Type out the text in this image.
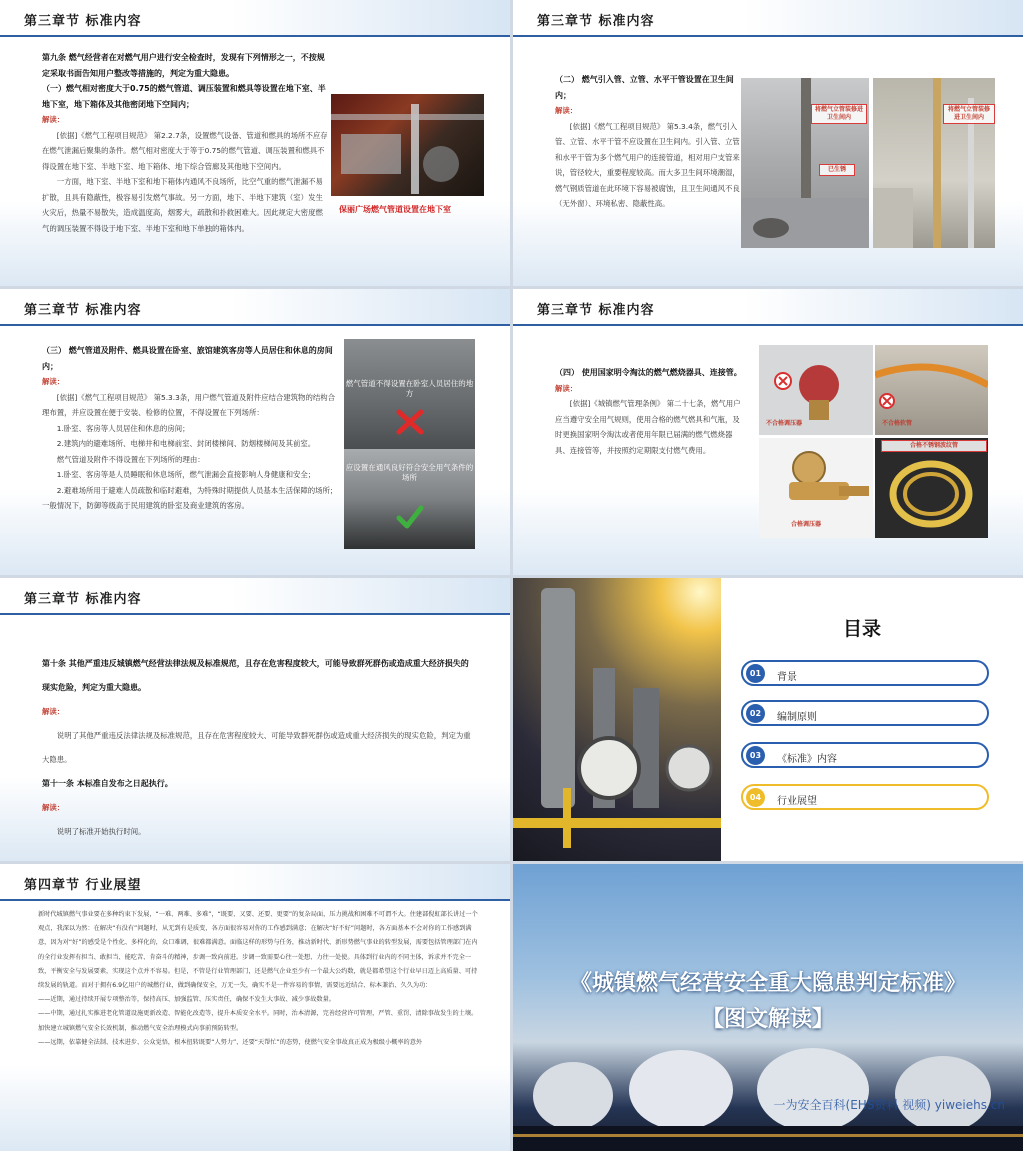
第三章节 标准内容

第九条 燃气经营者在对燃气用户进行安全检查时，发现有下列情形之一，不按规定采取书面告知用户整改等措施的，判定为重大隐患。

（一）燃气相对密度大于0.75的燃气管道、调压装置和燃具等设置在地下室、半地下室，地下箱体及其他密闭地下空间内；

解读：

[依据]《燃气工程项目规范》 第2.2.7条，设置燃气设备、管道和燃具的场所不应存在燃气泄漏后聚集的条件。燃气相对密度大于等于0.75的燃气管道、调压装置和燃具不得设置在地下室、半地下室、地下箱体、地下综合管廊及其他地下空间内。

一方面，地下室、半地下室和地下箱体内通风不良场所，比空气重的燃气泄漏不易扩散，且具有隐蔽性，极容易引发燃气事故。另一方面，地下、半地下建筑（室）发生火灾后，热量不易散失，造成温度高，烟雾大，疏散和扑救困难大。因此规定大密度燃气的调压装置不得设于地下室、半地下室和地下单独的箱体内。

保丽广场燃气管道设置在地下室
第三章节 标准内容

（二） 燃气引入管、立管、水平干管设置在卫生间内；

解读：

[依据]《燃气工程项目规范》 第5.3.4条，燃气引入管、立管、水平干管不应设置在卫生间内。引入管、立管和水平干管为多个燃气用户的连接管道，相对用户支管来说，管径较大，重要程度较高。而大多卫生间环境潮湿， 燃气钢质管道在此环境下容易被腐蚀，且卫生间通风不良（无外窗）、环境私密、隐蔽性高。

将燃气立管装修进卫生间内
已生锈
将燃气立管装修进卫生间内
第三章节 标准内容

（三） 燃气管道及附件、燃具设置在卧室、旅馆建筑客房等人员居住和休息的房间内；

解读：

[依据]《燃气工程项目规范》 第5.3.3条，用户燃气管道及附件应结合建筑物的结构合理布置，并应设置在便于安装、检修的位置，不得设置在下列场所：

1.卧室、客房等人员居住和休息的房间；

2.建筑内的避难场所、电梯井和电梯前室、封闭楼梯间、防烟楼梯间及其前室。

燃气管道及附件不得设置在下列场所的理由：

1.卧室、客房等是人员睡眠和休息场所，燃气泄漏会直接影响人身健康和安全；

2.避难场所用于避难人员疏散和临时避难，为特殊时期提供人员基本生活保障的场所；一般情况下，防御等级高于民用建筑的卧室及商业建筑的客房。

燃气管道不得设置在卧室人员居住的地方
应设置在通风良好符合安全用气条件的场所
第三章节 标准内容

（四） 使用国家明令淘汰的燃气燃烧器具、连接管。

解读：

[依据]《城镇燃气管理条例》 第二十七条，燃气用户应当遵守安全用气规则，使用合格的燃气燃具和气瓶，及时更换国家明令淘汰或者使用年限已届满的燃气燃烧器具、连接管等，并按照约定期限支付燃气费用。

不合格调压器	不合格软管
合格调压器
合格不锈钢波纹管
第三章节 标准内容

第十条 其他严重违反城镇燃气经营法律法规及标准规范，且存在危害程度较大，可能导致群死群伤或造成重大经济损失的现实危险，判定为重大隐患。

解读：

说明了其他严重违反法律法规及标准规范，且存在危害程度较大、可能导致群死群伤或造成重大经济损失的现实危险，判定为重大隐患。

第十一条 本标准自发布之日起执行。

解读：

说明了标准开始执行时间。

目录
01	背景
02	编制原则
03	《标准》内容
04	行业展望
第四章节 行业展望

新时代城镇燃气事业要在多种约束下发展，“一难、两难、多难”，“既要、又要、还要、更要”的复杂局面，压力挑战和困难不可谓不大。住建部倪虹部长讲过一个观点，我深以为然：在解决“有没有”问题时，从无到有是质变，各方面很容易对你的工作感到满意；在解决“好不好”问题时，各方面基本不会对你的工作感到满意，因为对“好”的感受是个性化、多样化的，众口难调，很难都满意。面临这样的形势与任务，推动新时代、新形势燃气事业的转型发展，需要包括管理部门在内的全行业发挥有担当、敢担当、能吃苦、肯奋斗的精神，步调一致向前进。步调一致需要心往一处想、力往一处使。具体到行业内的不同主体，诉求并不完全一致，平衡安全与发展要素，实现这个点并不容易。但是，不管是行业管理部门，还是燃气企业至少有一个最大公约数，就是都希望这个行业早日迈上高质量、可持续发展的轨道。而对于拥有6.9亿用户的城燃行业，做到确保安全，万无一失，确实不是一件容易的事情，需要远近结合、标本兼治、久久为功：

——近期，通过持续开展专项整治等，保持高压、加强监管、压实责任，确保不发生大事故、减少事故数量。

——中期，通过扎实推进老化管道设施更新改造、智能化改造等，提升本质安全水平。同时，治本清源，完善经营许可管理，严管、重罚，清除事故发生的土壤。加快建立城镇燃气安全长效机制，推动燃气安全治理模式向事前预防转型。

——远期，依靠健全法制、技术进步、公众觉悟，根本扭转既要“人努力”、还要“天帮忙”的态势，使燃气安全事故真正成为极级小概率的意外

《城镇燃气经营安全重大隐患判定标准》
【图文解读】
一为安全百科(EHS资料 视频) yiweiehs.cn
